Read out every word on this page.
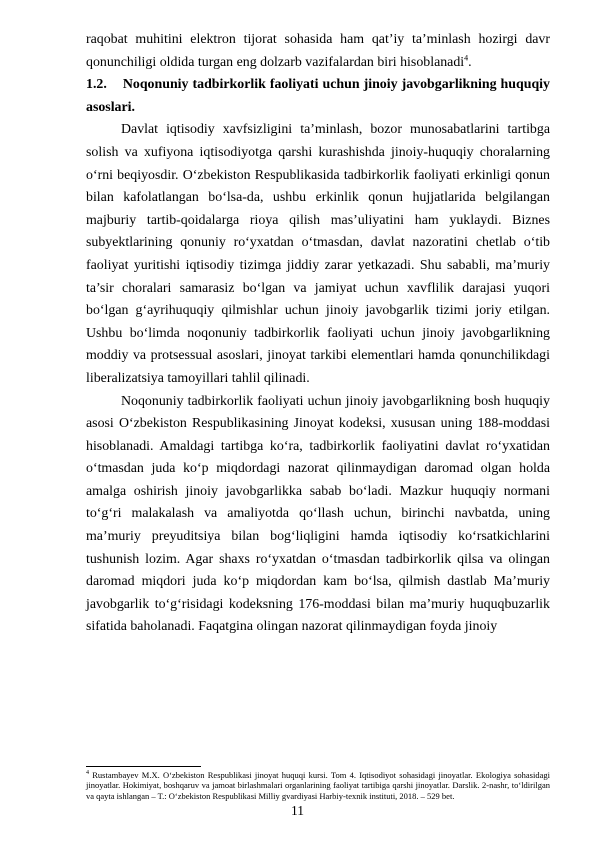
raqobat muhitini elektron tijorat sohasida ham qat’iy ta’minlash hozirgi davr qonunchiligi oldida turgan eng dolzarb vazifalardan biri hisoblanadi$^4$.

1.2. Noqonuniy tadbirkorlik faoliyati uchun jinoiy javobgarlikning huquqiy asoslari.

Davlat iqtisodiy xavfsizligini ta’minlash, bozor munosabatlarini tartibga solish va xufiyona iqtisodiyotga qarshi kurashishda jinoiy-huquqiy choralarning o‘rni beqiyosdir. O‘zbekiston Respublikasida tadbirkorlik faoliyati erkinligi qonun bilan kafolatlangan bo‘lsa-da, ushbu erkinlik qonun hujjatlarida belgilangan majburiy tartib-qoidalarga rioya qilish mas’uliyatini ham yuklaydi. Biznes subyektlarining qonuniy ro‘yxatdan o‘tmasdan, davlat nazoratini chetlab o‘tib faoliyat yuritishi iqtisodiy tizimga jiddiy zarar yetkazadi. Shu sababli, ma’muriy ta’sir choralari samarasiz bo‘lgan va jamiyat uchun xavflilik darajasi yuqori bo‘lgan g‘ayrihuquqiy qilmishlar uchun jinoiy javobgarlik tizimi joriy etilgan. Ushbu bo‘limda noqonuniy tadbirkorlik faoliyati uchun jinoiy javobgarlikning moddiy va protsessual asoslari, jinoyat tarkibi elementlari hamda qonunchilikdagi liberalizatsiya tamoyillari tahlil qilinadi.

Noqonuniy tadbirkorlik faoliyati uchun jinoiy javobgarlikning bosh huquqiy asosi O‘zbekiston Respublikasining Jinoyat kodeksi, xususan uning 188-moddasi hisoblanadi. Amaldagi tartibga ko‘ra, tadbirkorlik faoliyatini davlat ro‘yxatidan o‘tmasdan juda ko‘p miqdordagi nazorat qilinmaydigan daromad olgan holda amalga oshirish jinoiy javobgarlikka sabab bo‘ladi. Mazkur huquqiy normani to‘g‘ri malakalash va amaliyotda qo‘llash uchun, birinchi navbatda, uning ma’muriy preyuditsiya bilan bog‘liqligini hamda iqtisodiy ko‘rsatkichlarini tushunish lozim. Agar shaxs ro‘yxatdan o‘tmasdan tadbirkorlik qilsa va olingan daromad miqdori juda ko‘p miqdordan kam bo‘lsa, qilmish dastlab Ma’muriy javobgarlik to‘g‘risidagi kodeksning 176-moddasi bilan ma’muriy huquqbuzarlik sifatida baholanadi. Faqatgina olingan nazorat qilinmaydigan foyda jinoiy

$^4$ Rustambayev M.X. O‘zbekiston Respublikasi jinoyat huquqi kursi. Tom 4. Iqtisodiyot sohasidagi jinoyatlar. Ekologiya sohasidagi jinoyatlar. Hokimiyat, boshqaruv va jamoat birlashmalari organlarining faoliyat tartibiga qarshi jinoyatlar. Darslik. 2-nashr, to‘ldirilgan va qayta ishlangan – T.: O‘zbekiston Respublikasi Milliy gvardiyasi Harbiy-texnik instituti, 2018. – 529 bet.

11
